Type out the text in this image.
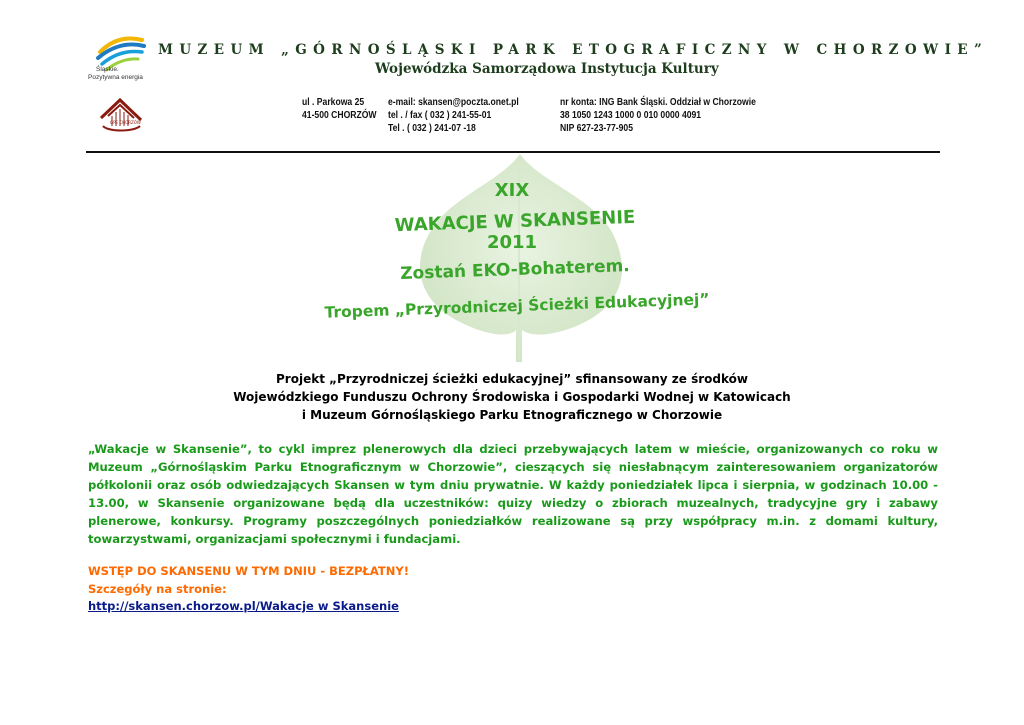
Śląskie.
Pozytywna energia
GPE CHORZÓW
MUZEUM „GÓRNOŚLĄSKI PARK ETOGRAFICZNY W CHORZOWIE”
Wojewódzka Samorządowa Instytucja Kultury
ul . Parkowa 25
41-500 CHORZÓW
e-mail: skansen@poczta.onet.pl
tel . / fax ( 032 ) 241-55-01
Tel . ( 032 ) 241-07 -18
nr konta: ING Bank Śląski. Oddział w Chorzowie
38 1050 1243 1000 0 010 0000 4091
NIP 627-23-77-905
XIX
WAKACJE W SKANSENIE
2011
Zostań EKO-Bohaterem.
Tropem „Przyrodniczej Ścieżki Edukacyjnej”
Projekt „Przyrodniczej ścieżki edukacyjnej” sfinansowany ze środków
Wojewódzkiego Funduszu Ochrony Środowiska i Gospodarki Wodnej w Katowicach
i Muzeum Górnośląskiego Parku Etnograficznego w Chorzowie
„Wakacje w Skansenie”, to cykl imprez plenerowych dla dzieci przebywających latem w mieście, organizowanych co roku w Muzeum „Górnośląskim Parku Etnograficznym w Chorzowie”, cieszących się niesłabnącym zainteresowaniem organizatorów półkolonii oraz osób odwiedzających Skansen w tym dniu prywatnie. W każdy poniedziałek lipca i sierpnia, w godzinach 10.00 - 13.00, w Skansenie organizowane będą dla uczestników: quizy wiedzy o zbiorach muzealnych, tradycyjne gry i zabawy plenerowe, konkursy. Programy poszczególnych poniedziałków realizowane są przy współpracy m.in. z domami kultury, towarzystwami, organizacjami społecznymi i fundacjami.
WSTĘP DO SKANSENU W TYM DNIU - BEZPŁATNY!
Szczegóły na stronie:
http://skansen.chorzow.pl/Wakacje w Skansenie
